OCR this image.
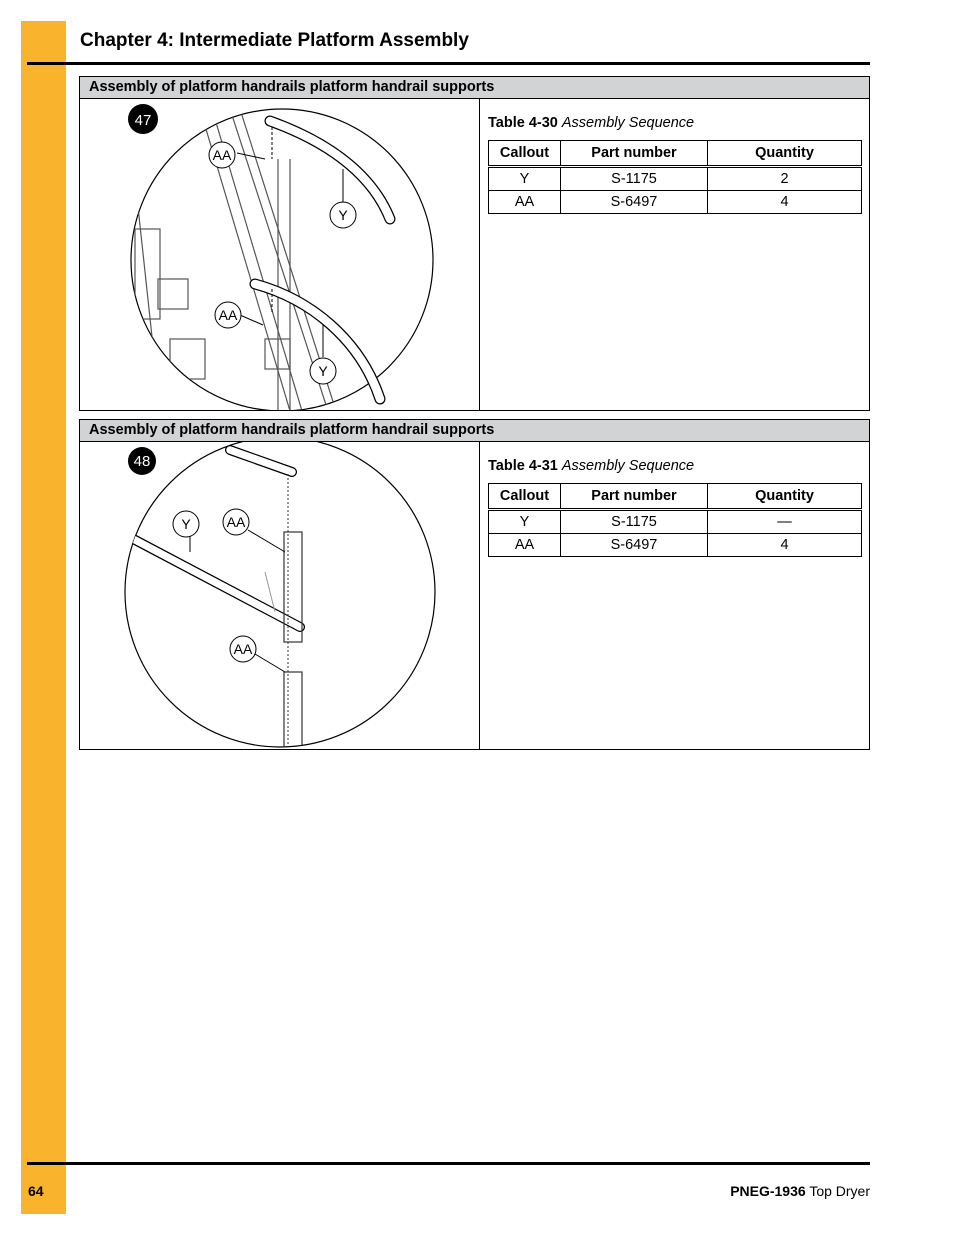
Chapter 4: Intermediate Platform Assembly
Assembly of platform handrails platform handrail supports
47
AA
Y
AA
Y
Table 4-30 Assembly Sequence
Callout	Part number	Quantity
Y	S-1175	2
AA	S-6497	4
Assembly of platform handrails platform handrail supports
48
Y	AA
AA
Table 4-31 Assembly Sequence
Callout	Part number	Quantity
Y	S-1175	—
AA	S-6497	4
64	PNEG-1936 Top Dryer
